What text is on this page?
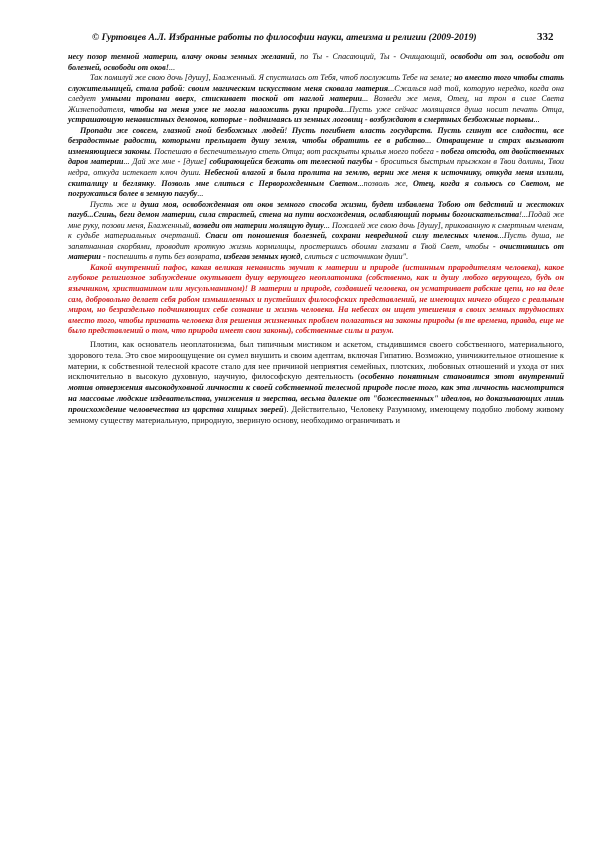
© Гуртовцев А.Л. Избранные работы по философии науки, атеизма и религии (2009-2019)	332

несу позор темной материи, влачу оковы земных желаний, по Ты - Спасающий, Ты - Очищающий, освободи от зол, освободи от болезней, освободи от оков!...

Так помилуй же свою дочь [душу], Блаженный. Я спустилась от Тебя, чтоб послужить Тебе на земле; но вместо того чтобы стать служительницей, стала рабой: своим магическим искусством меня сковала материя...Сжалься над той, которую нередко, когда она следует умными тропами вверх, стискивает тоской от наглой материи... Возведи же меня, Отец, на трон в силе Света Жизнеподателя, чтобы на меня уже не могла наложить руки природа...Пусть уже сейчас молящаяся душа носит печать Отца, устрашающую ненавистных демонов, которые - поднимаясь из земных логовищ - возбуждают в смертных безбожные порывы...

Пропади же совсем, глазной гной безбожных людей! Пусть погибнет власть государств. Пусть сгинут все сладости, все безрадостные радости, которыми прельщает душу земля, чтобы обратить ее в рабство... Отвращение и страх вызывают изменяющиеся законы. Поспешаю в беспечительную степь Отца; вот раскрыты крылья моего побега - побега отсюда, от двойственных даров материи... Дай же мне - [душе] собирающейся бежать от телесной пагубы - броситься быстрым прыжком в Твои долины, Твои недра, откуда истекает ключ души. Небесной влагой я была пролита на землю, верни же меня к источнику, откуда меня излили, скиталицу и беглянку. Позволь мне слиться с Перворожденным Светом...позволь же, Отец, когда я сольюсь со Светом, не погружаться более в земную пагубу...

Пусть же и душа моя, освобожденная от оков земного способа жизни, будет избавлена Тобою от бедствий и жестоких пагуб...Сгинь, беги демон материи, сила страстей, стена на пути восхождения, ослабляющий порывы богоискательства!...Подай же мне руку, позови меня, Блаженный, возведи от материи молящую душу... Пожалей же свою дочь [душу], прикованную к смертным членам, к судьбе материальных очертаний. Спаси от поношения болезней, сохрани невредимой силу телесных членов...Пусть душа, не запятнанная скорбями, проводит кроткую жизнь кормилицы, простершись обоими глазами в Твой Свет, чтобы - очистившись от материи - поспешить в путь без возврата, избегав земных нужд, слиться с источником души".

Какой внутренний пафос, какая великая ненависть звучит к материи и природе (истинным прародителям человека), какое глубокое религиозное заблуждение окутывает душу верующего неоплатоника (собственно, как и душу любого верующего, будь он язычником, христианином или мусульманином)! В материи и природе, создавшей человека, он усматривает рабские цепи, но на деле сам, добровольно делает себя рабом измышленных и пустейших философских представлений, не имеющих ничего общего с реальным миром, но безраздельно подчиняющих себе сознание и жизнь человека. На небесах он ищет утешения в своих земных трудностях вместо того, чтобы призвать человека для решения жизненных проблем полагаться на законы природы (в те времена, правда, еще не было представлений о том, что природа имеет свои законы), собственные силы и разум.

Плотин, как основатель неоплатонизма, был типичным мистиком и аскетом, стыдившимся своего собственного, материального, здорового тела. Это свое мироощущение он сумел внушить и своим адептам, включая Гипатию. Возможно, уничижительное отношение к материи, к собственной телесной красоте стало для нее причиной неприятия семейных, плотских, любовных отношений и ухода от них исключительно в высокую духовную, научную, философскую деятельность (особенно понятным становится этот внутренний мотив отвержения высокодуховной личности к своей собственной телесной природе после того, как эта личность насмотрится на массовые людские издевательства, унижения и зверства, весьма далекие от "божественных" идеалов, но доказывающих лишь происхождение человечества из царства хищных зверей). Действительно, Человеку Разумному, имеющему подобно любому живому земному существу материальную, природную, звериную основу, необходимо ограничивать и
